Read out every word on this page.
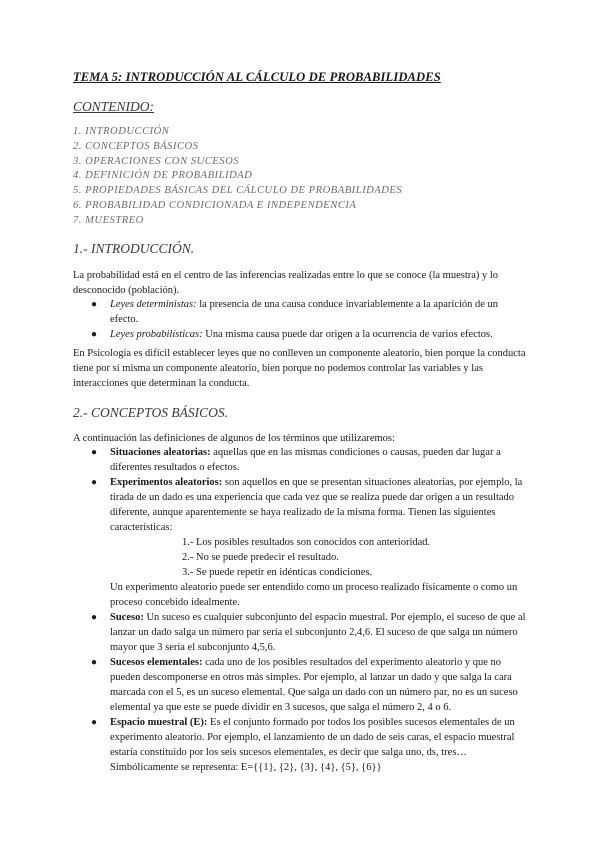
TEMA 5: INTRODUCCIÓN AL CÁLCULO DE PROBABILIDADES
CONTENIDO:
1. INTRODUCCIÓN
2. CONCEPTOS BÁSICOS
3. OPERACIONES CON SUCESOS
4. DEFINICIÓN DE PROBABILIDAD
5. PROPIEDADES BÁSICAS DEL CÁLCULO DE PROBABILIDADES
6. PROBABILIDAD CONDICIONADA E INDEPENDENCIA
7. MUESTREO
1.- INTRODUCCIÓN.

La probabilidad está en el centro de las inferencias realizadas entre lo que se conoce (la muestra) y lo desconocido (población).

● Leyes deterministas: la presencia de una causa conduce invariablemente a la aparición de un efecto.
● Leyes probabilísticas: Una misma causa puede dar origen a la ocurrencia de varios efectos.

En Psicología es difícil establecer leyes que no conlleven un componente aleatorio, bien porque la conducta tiene por sí misma un componente aleatorio, bien porque no podemos controlar las variables y las interacciones que determinan la conducta.

2.- CONCEPTOS BÁSICOS.

A continuación las definiciones de algunos de los términos que utilizaremos:

● Situaciones aleatorias: aquellas que en las mismas condiciones o causas, pueden dar lugar a diferentes resultados o efectos.
● Experimentos aleatorios: son aquellos en que se presentan situaciones aleatorias, por ejemplo, la tirada de un dado es una experiencia que cada vez que se realiza puede dar origen a un resultado diferente, aunque aparentemente se haya realizado de la misma forma. Tienen las siguientes características:
1.- Los posibles resultados son conocidos con anterioridad.
2.- No se puede predecir el resultado.
3.- Se puede repetir en idénticas condiciones.
Un experimento aleatorio puede ser entendido como un proceso realizado físicamente o como un proceso concebido idealmente.
● Suceso: Un suceso es cualquier subconjunto del espacio muestral. Por ejemplo, el suceso de que al lanzar un dado salga un número par sería el subconjunto 2,4,6. El suceso de que salga un número mayor que 3 sería el subconjunto 4,5,6.
● Sucesos elementales: cada uno de los posibles resultados del experimento aleatorio y que no pueden descomponerse en otros más simples. Por ejemplo, al lanzar un dado y que salga la cara marcada con el 5, es un suceso elemental. Que salga un dado con un número par, no es un suceso elemental ya que este se puede dividir en 3 sucesos, que salga el número 2, 4 o 6.
● Espacio muestral (E): Es el conjunto formado por todos los posibles sucesos elementales de un experimento aleatorio. Por ejemplo, el lanzamiento de un dado de seis caras, el espacio muestral estaría constituido por los seis sucesos elementales, es decir que salga uno, ds, tres… Simbólicamente se representa: E={{1}, {2}, {3}, {4}, {5}, {6}}
